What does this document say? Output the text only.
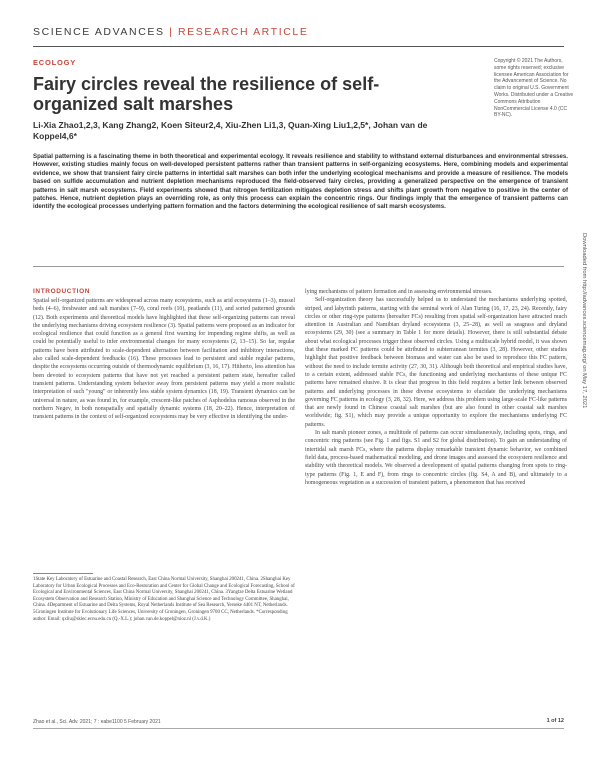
SCIENCE ADVANCES | RESEARCH ARTICLE
ECOLOGY
Fairy circles reveal the resilience of self-organized salt marshes
Li-Xia Zhao1,2,3, Kang Zhang2, Koen Siteur2,4, Xiu-Zhen Li1,3, Quan-Xing Liu1,2,5*, Johan van de Koppel4,6*
Copyright © 2021 The Authors, some rights reserved; exclusive licensee American Association for the Advancement of Science. No claim to original U.S. Government Works. Distributed under a Creative Commons Attribution NonCommercial License 4.0 (CC BY-NC).
Spatial patterning is a fascinating theme in both theoretical and experimental ecology. It reveals resilience and stability to withstand external disturbances and environmental stresses. However, existing studies mainly focus on well-developed persistent patterns rather than transient patterns in self-organizing ecosystems. Here, combining models and experimental evidence, we show that transient fairy circle patterns in intertidal salt marshes can both infer the underlying ecological mechanisms and provide a measure of resilience. The models based on sulfide accumulation and nutrient depletion mechanisms reproduced the field-observed fairy circles, providing a generalized perspective on the emergence of transient patterns in salt marsh ecosystems. Field experiments showed that nitrogen fertilization mitigates depletion stress and shifts plant growth from negative to positive in the center of patches. Hence, nutrient depletion plays an overriding role, as only this process can explain the concentric rings. Our findings imply that the emergence of transient patterns can identify the ecological processes underlying pattern formation and the factors determining the ecological resilience of salt marsh ecosystems.
INTRODUCTION

Spatial self-organized patterns are widespread across many ecosystems, such as arid ecosystems (1–3), mussel beds (4–6), freshwater and salt marshes (7–9), coral reefs (10), peatlands (11), and sorted patterned grounds (12). Both experiments and theoretical models have highlighted that these self-organizing patterns can reveal the underlying mechanisms driving ecosystem resilience (3). Spatial patterns were proposed as an indicator for ecological resilience that could function as a general first warning for impending regime shifts, as well as could be potentially useful to infer environmental changes for many ecosystems (2, 13–15). So far, regular patterns have been attributed to scale-dependent alternation between facilitation and inhibitory interactions, also called scale-dependent feedbacks (16). These processes lead to persistent and stable regular patterns, despite the ecosystems occurring outside of thermodynamic equilibrium (3, 16, 17). Hitherto, less attention has been devoted to ecosystem patterns that have not yet reached a persistent pattern state, hereafter called transient patterns. Understanding system behavior away from persistent patterns may yield a more realistic interpretation of such "young" or inherently less stable system dynamics (18, 19). Transient dynamics can be universal in nature, as was found in, for example, crescent-like patches of Asphodelus ramosus observed in the northern Negev, in both nonspatially and spatially dynamic systems (18, 20–22). Hence, interpretation of transient patterns in the context of self-organized ecosystems may be very effective in identifying the under-

1State Key Laboratory of Estuarine and Coastal Research, East China Normal University, Shanghai 200241, China. 2Shanghai Key Laboratory for Urban Ecological Processes and Eco-Restoration and Center for Global Change and Ecological Forecasting, School of Ecological and Environmental Sciences, East China Normal University, Shanghai 200241, China. 3Yangtze Delta Estuarine Wetland Ecosystem Observation and Research Station, Ministry of Education and Shanghai Science and Technology Committee, Shanghai, China. 4Department of Estuarine and Delta Systems, Royal Netherlands Institute of Sea Research, Yerseke 4401 NT, Netherlands. 5Groningen Institute for Evolutionary Life Sciences, University of Groningen, Groningen 9700 CC, Netherlands. *Corresponding author. Email: qxliu@sklec.ecnu.edu.cn (Q.-X.L.); johan.van.de.koppel@nioz.nl (J.v.d.K.)

lying mechanisms of pattern formation and in assessing environmental stresses.

Self-organization theory has successfully helped us to understand the mechanisms underlying spotted, striped, and labyrinth patterns, starting with the seminal work of Alan Turing (16, 17, 23, 24). Recently, fairy circles or other ring-type patterns (hereafter FCs) resulting from spatial self-organization have attracted much attention in Australian and Namibian dryland ecosystems (3, 25–28), as well as seagrass and dryland ecosystems (29, 30) (see a summary in Table 1 for more details). However, there is still substantial debate about what ecological processes trigger these observed circles. Using a multiscale hybrid model, it was shown that these marked FC patterns could be attributed to subterranean termites (3, 28). However, other studies highlight that positive feedback between biomass and water can also be used to reproduce this FC pattern, without the need to include termite activity (27, 30, 31). Although both theoretical and empirical studies have, to a certain extent, addressed stable FCs, the functioning and underlying mechanisms of these unique FC patterns have remained elusive. It is clear that progress in this field requires a better link between observed patterns and underlying processes in these diverse ecosystems to elucidate the underlying mechanisms governing FC patterns in ecology (3, 28, 32). Here, we address this problem using large-scale FC-like patterns that are newly found in Chinese coastal salt marshes (but are also found in other coastal salt marshes worldwide; fig. S1), which may provide a unique opportunity to explore the mechanisms underlying FC patterns.

In salt marsh pioneer zones, a multitude of patterns can occur simultaneously, including spots, rings, and concentric ring patterns (see Fig. 1 and figs. S1 and S2 for global distribution). To gain an understanding of intertidal salt marsh FCs, where the patterns display remarkable transient dynamic behavior, we combined field data, process-based mathematical modeling, and drone images and assessed the ecosystem resilience and stability with theoretical models. We observed a development of spatial patterns changing from spots to ring-type patterns (Fig. 1, E and F), from rings to concentric circles (fig. S4, A and B), and ultimately to a homogeneous vegetation as a succession of transient pattern, a phenomenon that has received

Downloaded from http://advances.sciencemag.org/ on May 17, 2021
Zhao et al., Sci. Adv. 2021; 7 : eabe1100 5 February 2021	1 of 12
